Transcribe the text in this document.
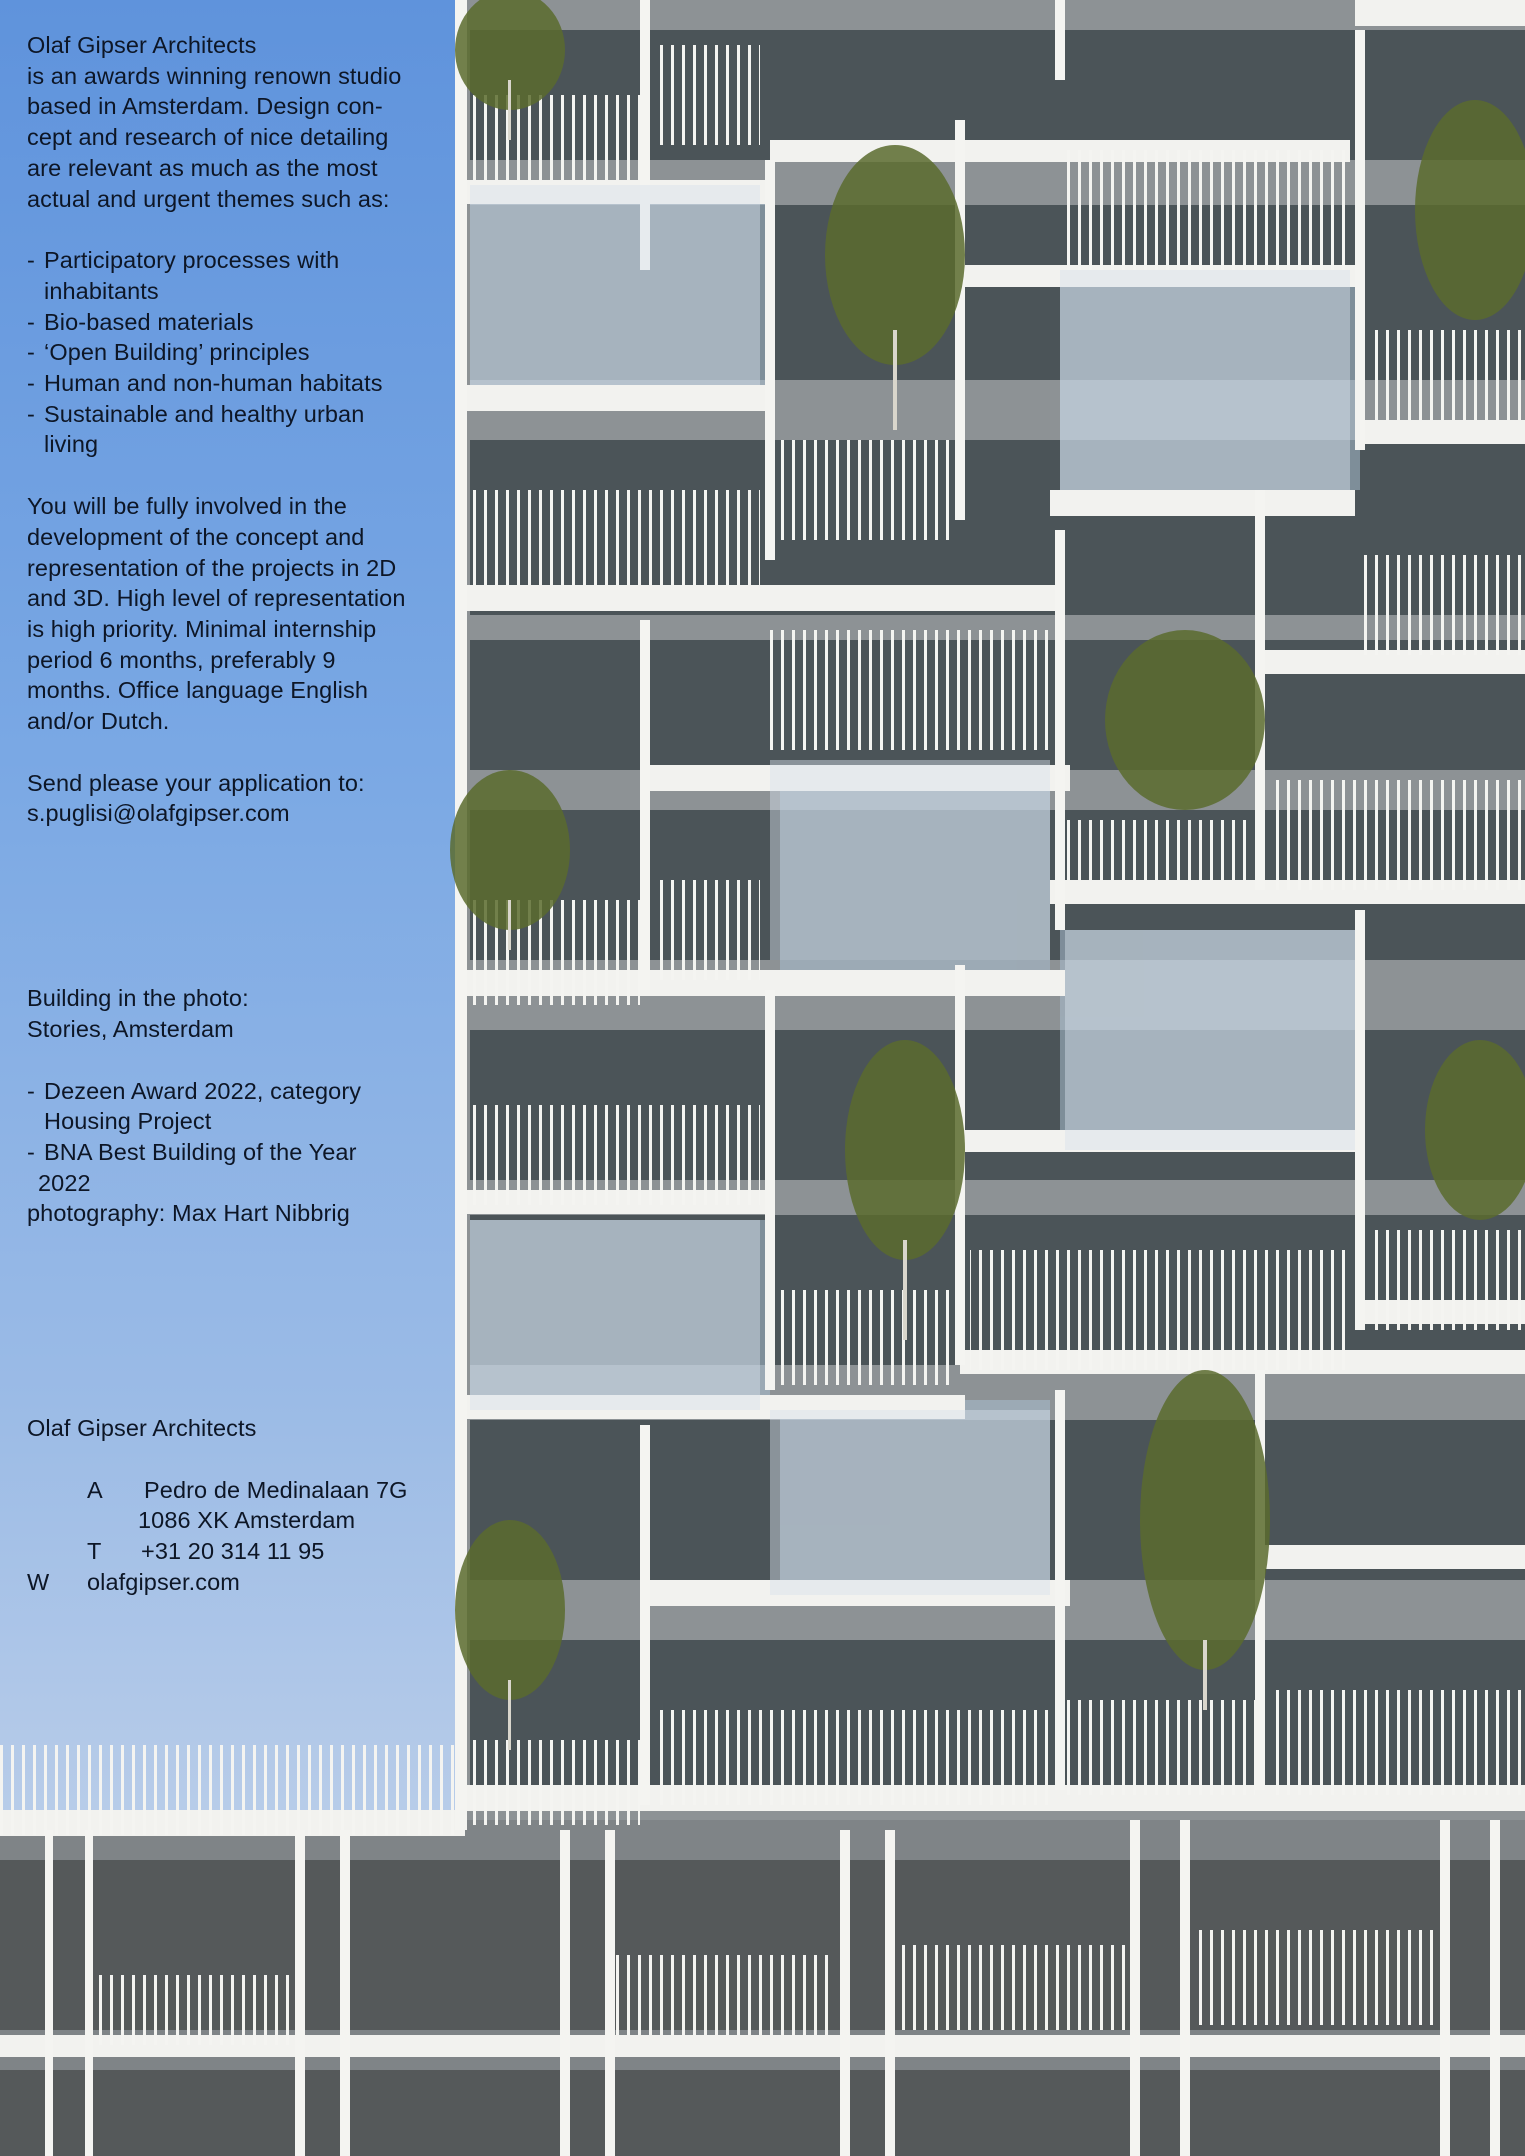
Olaf Gipser Architects

is an awards winning renown studio

based in Amsterdam. Design con-

cept and research of nice detailing

are relevant as much as the most

actual and urgent themes such as:

- Participatory processes with
inhabitants
- Bio-based materials
- ‘Open Building’ principles
- Human and non-human habitats
- Sustainable and healthy urban
living

You will be fully involved in the

development of the concept and

representation of the projects in 2D

and 3D. High level of representation

is high priority. Minimal internship

period 6 months, preferably 9

months. Office language English

and/or Dutch.

Send please your application to:

s.puglisi@olafgipser.com

Building in the photo:

Stories, Amsterdam

- Dezeen Award 2022, category
Housing Project
- BNA Best Building of the Year
2022

photography: Max Hart Nibbrig

Olaf Gipser Architects

A Pedro de Medinalaan 7G
1086 XK Amsterdam
T +31 20 314 11 95
W olafgipser.com
